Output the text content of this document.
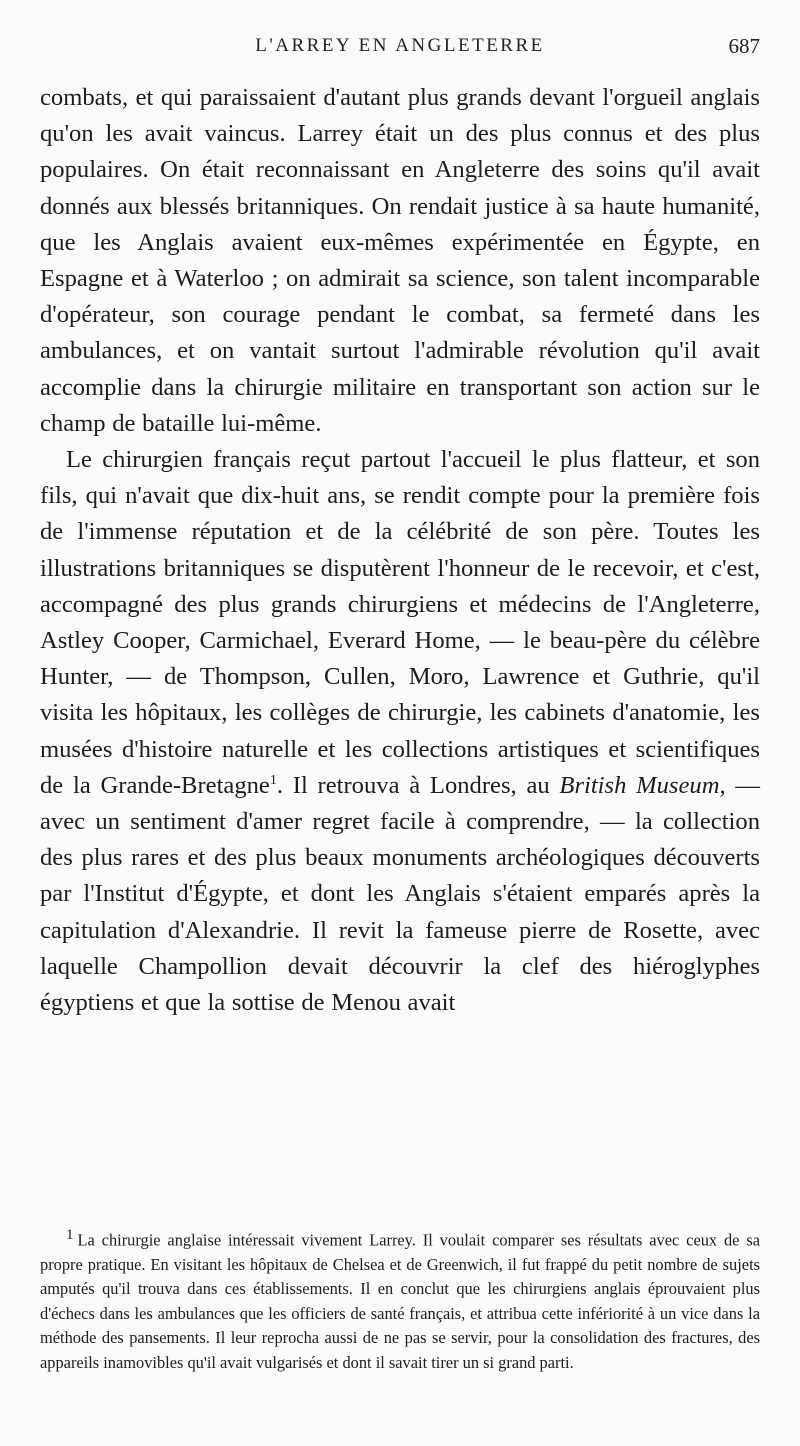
L'ARREY EN ANGLETERRE	687

combats, et qui paraissaient d'autant plus grands devant l'orgueil anglais qu'on les avait vaincus. Larrey était un des plus connus et des plus populaires. On était reconnaissant en Angleterre des soins qu'il avait donnés aux blessés britanniques. On rendait justice à sa haute humanité, que les Anglais avaient eux-mêmes expérimentée en Égypte, en Espagne et à Waterloo ; on admirait sa science, son talent incomparable d'opérateur, son courage pendant le combat, sa fermeté dans les ambulances, et on vantait surtout l'admirable révolution qu'il avait accomplie dans la chirurgie militaire en transportant son action sur le champ de bataille lui-même.

Le chirurgien français reçut partout l'accueil le plus flatteur, et son fils, qui n'avait que dix-huit ans, se rendit compte pour la première fois de l'immense réputation et de la célébrité de son père. Toutes les illustrations britanniques se disputèrent l'honneur de le recevoir, et c'est, accompagné des plus grands chirurgiens et médecins de l'Angleterre, Astley Cooper, Carmichael, Everard Home, — le beau-père du célèbre Hunter, — de Thompson, Cullen, Moro, Lawrence et Guthrie, qu'il visita les hôpitaux, les collèges de chirurgie, les cabinets d'anatomie, les musées d'histoire naturelle et les collections artistiques et scientifiques de la Grande-Bretagne$^1$. Il retrouva à Londres, au British Museum, — avec un sentiment d'amer regret facile à comprendre, — la collection des plus rares et des plus beaux monuments archéologiques découverts par l'Institut d'Égypte, et dont les Anglais s'étaient emparés après la capitulation d'Alexandrie. Il revit la fameuse pierre de Rosette, avec laquelle Champollion devait découvrir la clef des hiéroglyphes égyptiens et que la sottise de Menou avait

$^1$ La chirurgie anglaise intéressait vivement Larrey. Il voulait comparer ses résultats avec ceux de sa propre pratique. En visitant les hôpitaux de Chelsea et de Greenwich, il fut frappé du petit nombre de sujets amputés qu'il trouva dans ces établissements. Il en conclut que les chirurgiens anglais éprouvaient plus d'échecs dans les ambulances que les officiers de santé français, et attribua cette infériorité à un vice dans la méthode des pansements. Il leur reprocha aussi de ne pas se servir, pour la consolidation des fractures, des appareils inamovibles qu'il avait vulgarisés et dont il savait tirer un si grand parti.
